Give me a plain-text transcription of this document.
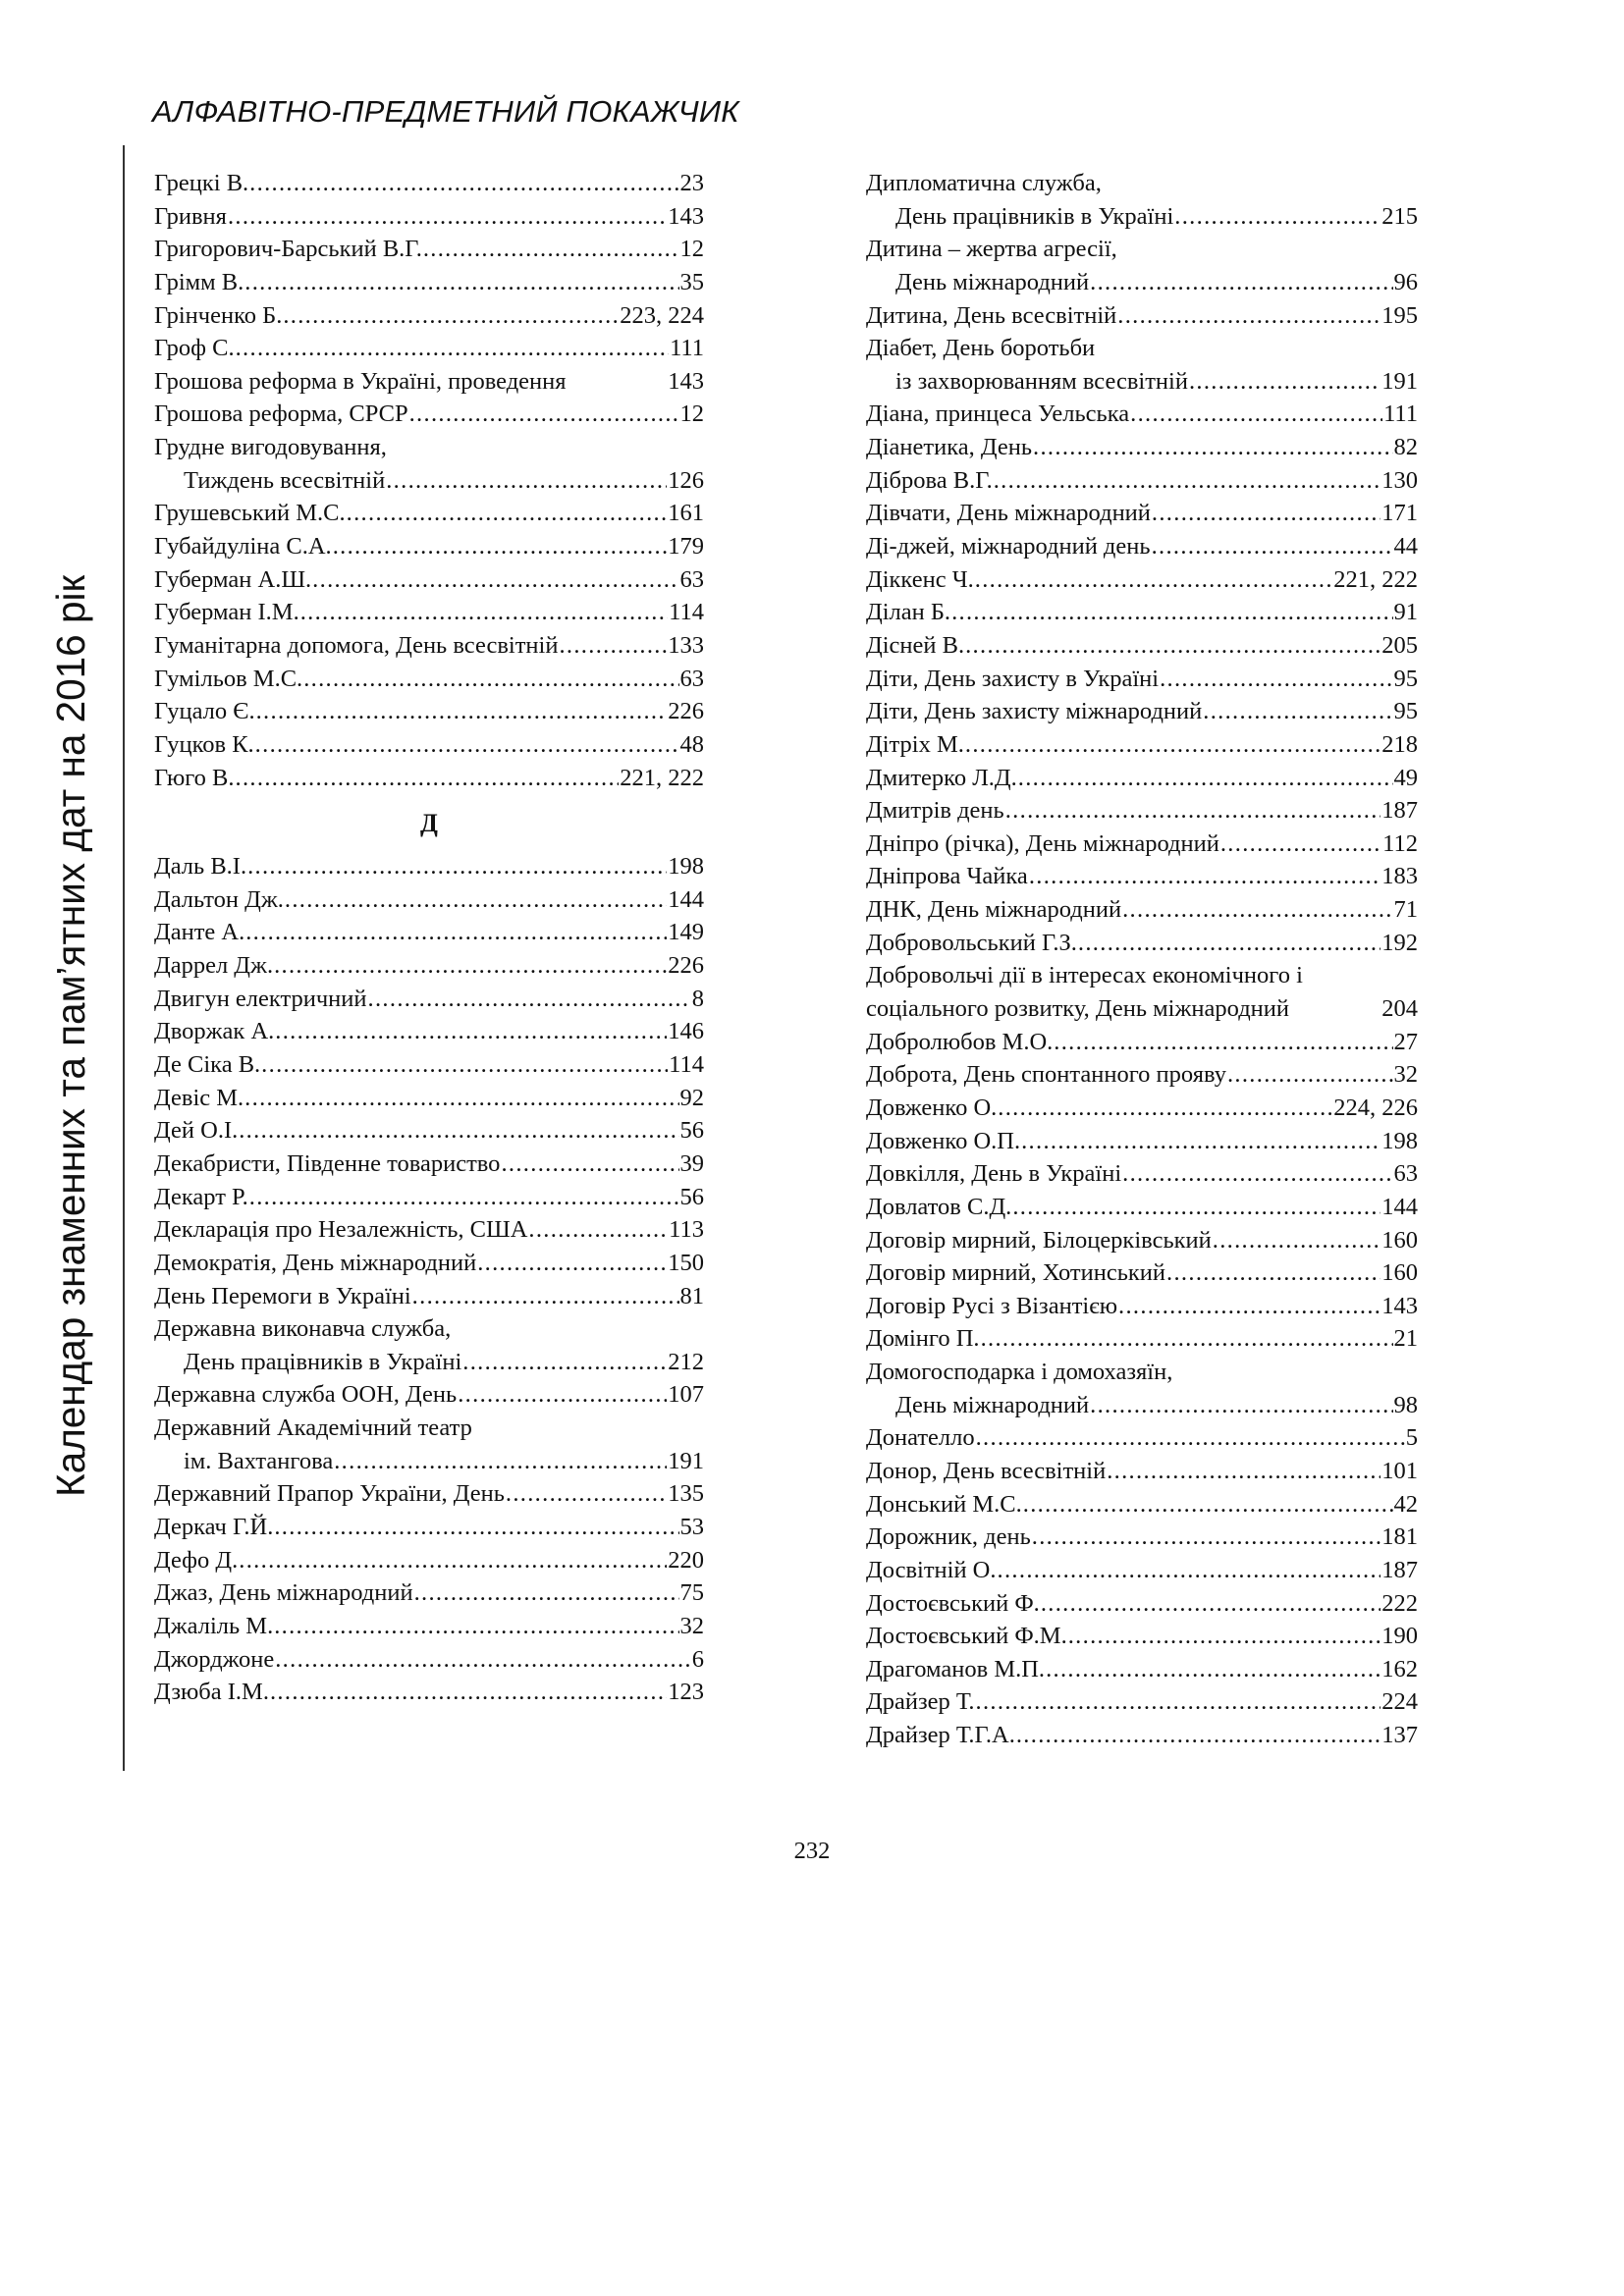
АЛФАВІТНО-ПРЕДМЕТНИЙ ПОКАЖЧИК
Календар знаменних та пам’ятних дат на 2016 рік
Грецкі В. . . .	23
Гривня . . .	143
Григорович-Барський В.Г. . . .	12
Грімм В. . . .	35
Грінченко Б. . . .	223, 224
Гроф С. . . .	111
Грошова реформа в Україні, проведення	143
Грошова реформа, СРСР . . .	12
Грудне вигодовування,
Тиждень всесвітній . . .	126
Грушевський М.С. . . .	161
Губайдуліна С.А. . . .	179
Губерман А.Ш. . . .	63
Губерман І.М. . . .	114
Гуманітарна допомога, День всесвітній . . .	133
Гумільов М.С. . . .	63
Гуцало Є. . . .	226
Гуцков К. . . .	48
Гюго В. . . .	221, 222
Д
Даль В.І. . . .	198
Дальтон Дж. . . .	144
Данте А. . . .	149
Даррел Дж. . . .	226
Двигун електричний . . .	8
Дворжак А. . . .	146
Де Сіка В. . . .	114
Девіс М. . . .	92
Дей О.І. . . .	56
Декабристи, Південне товариство . . .	39
Декарт Р. . . .	56
Декларація про Незалежність, США . . .	113
Демократія, День міжнародний . . .	150
День Перемоги в Україні . . .	81
Державна виконавча служба,
День працівників в Україні . . .	212
Державна служба ООН, День . . .	107
Державний Академічний театр
ім. Вахтангова . . .	191
Державний Прапор України, День . . .	135
Деркач Г.Й. . . .	53
Дефо Д. . . .	220
Джаз, День міжнародний . . .	75
Джаліль М. . . .	32
Джорджоне . . .	6
Дзюба І.М. . . .	123
Дипломатична служба,
День працівників в Україні . . .	215
Дитина – жертва агресії,
День міжнародний . . .	96
Дитина, День всесвітній . . .	195
Діабет, День боротьби
із захворюванням всесвітній . . .	191
Діана, принцеса Уельська . . .	111
Діанетика, День . . .	82
Діброва В.Г. . . .	130
Дівчати, День міжнародний . . .	171
Ді-джей, міжнародний день . . .	44
Діккенс Ч. . . .	221, 222
Ділан Б. . . .	91
Дісней В. . . .	205
Діти, День захисту в Україні . . .	95
Діти, День захисту міжнародний . . .	95
Дітріх М. . . .	218
Дмитерко Л.Д. . . .	49
Дмитрів день . . .	187
Дніпро (річка), День міжнародний . . .	112
Дніпрова Чайка . . .	183
ДНК, День міжнародний . . .	71
Добровольський Г.З. . . .	192
Добровольчі дії в інтересах економічного і
соціального розвитку, День міжнародний	204
Добролюбов М.О. . . .	27
Доброта, День спонтанного прояву . . .	32
Довженко О. . . .	224, 226
Довженко О.П. . . .	198
Довкілля, День в Україні . . .	63
Довлатов С.Д. . . .	144
Договір мирний, Білоцерківський . . .	160
Договір мирний, Хотинський . . .	160
Договір Русі з Візантією . . .	143
Домінго П. . . .	21
Домогосподарка і домохазяїн,
День міжнародний . . .	98
Донателло . . .	5
Донор, День всесвітній . . .	101
Донський М.С. . . .	42
Дорожник, день . . .	181
Досвітній О. . . .	187
Достоєвський Ф. . . .	222
Достоєвський Ф.М. . . .	190
Драгоманов М.П. . . .	162
Драйзер Т. . . .	224
Драйзер Т.Г.А. . . .	137
232
